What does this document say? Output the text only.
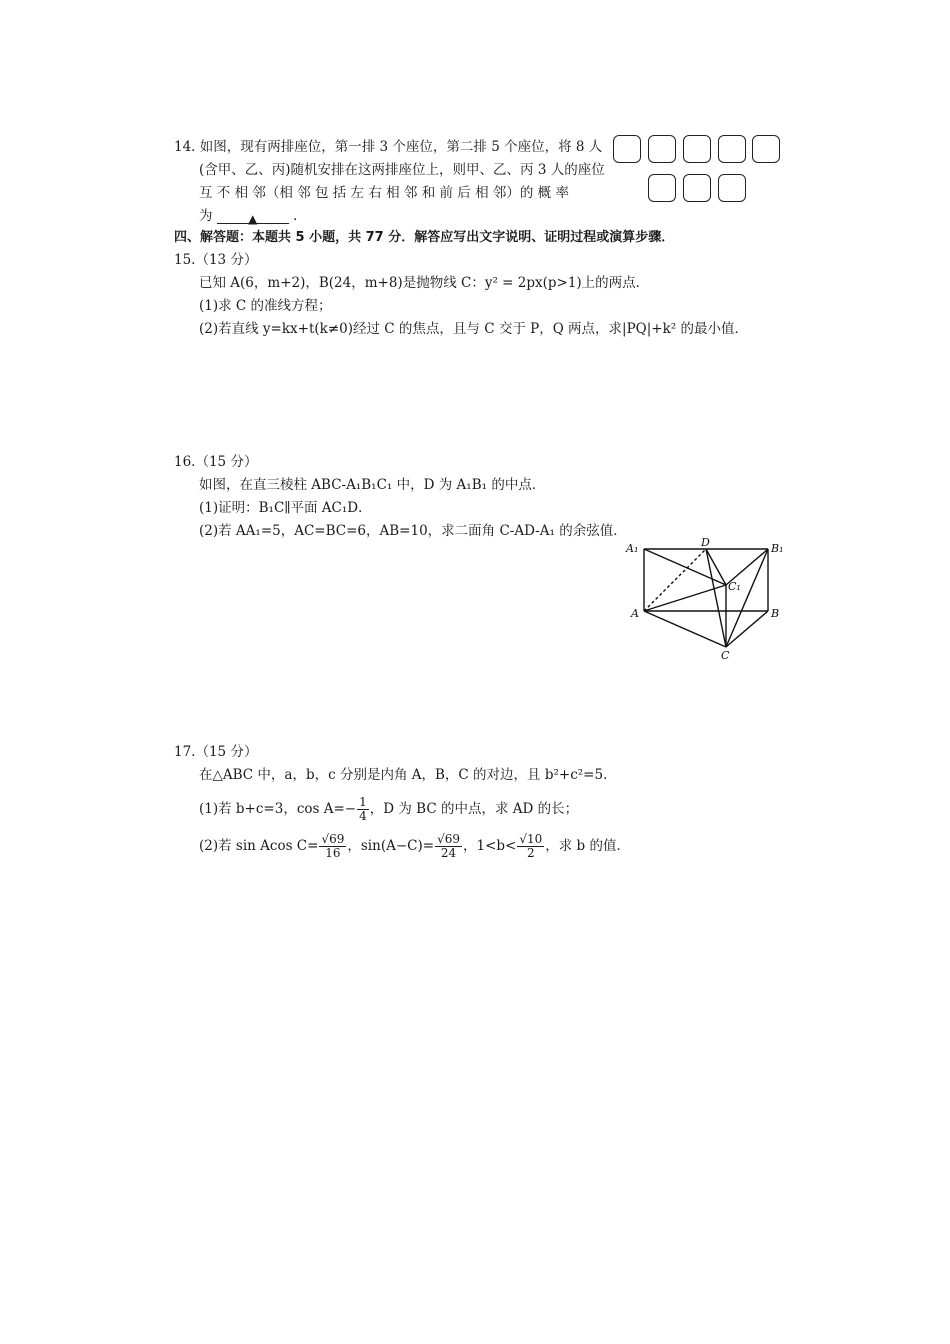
14. 如图，现有两排座位，第一排 3 个座位，第二排 5 个座位，将 8 人
(含甲、乙、丙)随机安排在这两排座位上，则甲、乙、丙 3 人的座位
互 不 相 邻（相 邻 包 括 左 右 相 邻 和 前 后 相 邻）的 概 率
为	▲	．
四、解答题：本题共 5 小题，共 77 分．解答应写出文字说明、证明过程或演算步骤．
15.（13 分）
已知 A(6，m+2)，B(24，m+8)是抛物线 C：y² = 2px(p>1)上的两点．
(1)求 C 的准线方程；
(2)若直线 y=kx+t(k≠0)经过 C 的焦点，且与 C 交于 P，Q 两点，求|PQ|+k² 的最小值．
16.（15 分）
如图，在直三棱柱 ABC-A₁B₁C₁ 中，D 为 A₁B₁ 的中点．
(1)证明：B₁C∥平面 AC₁D．
(2)若 AA₁=5，AC=BC=6，AB=10，求二面角 C-AD-A₁ 的余弦值．
A₁	D	B₁
C₁
A	B
C
17.（15 分）
在△ABC 中，a，b，c 分别是内角 A，B，C 的对边，且 b²+c²=5．
(1)若 b+c=3，$\cos A=- \frac{1}{4}$ ，D 为 BC 的中点，求 AD 的长；
(2)若 sin Acos $C= \frac{√69}{16}$ ，$\sin(A-C)= \frac{√69}{24}$ ，$1<b< \frac{√10}{2}$ ，求 b 的值．
